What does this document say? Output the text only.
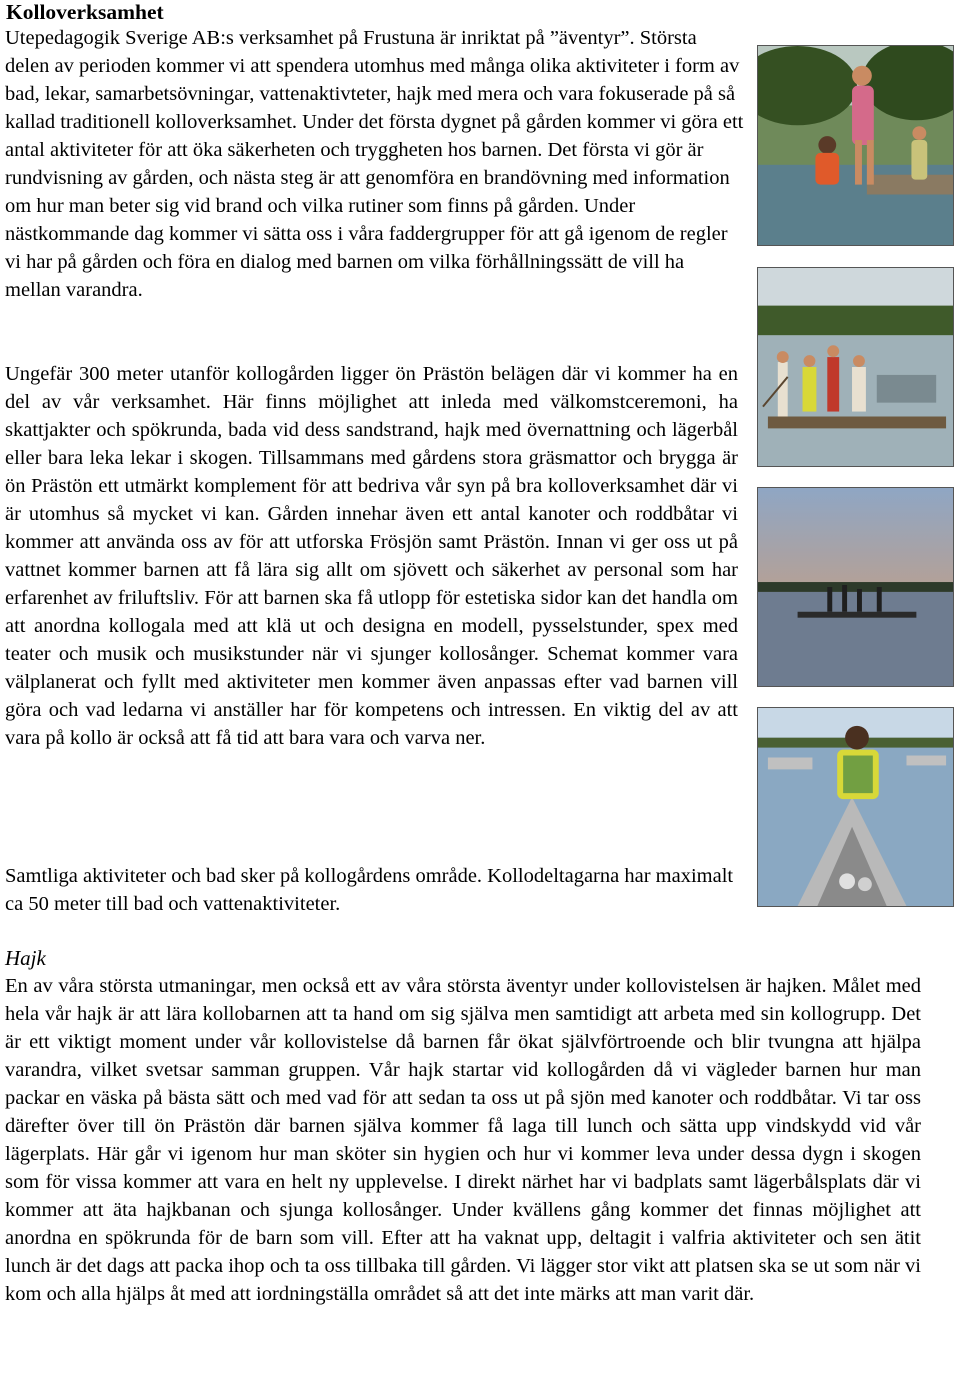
Kolloverksamhet

Utepedagogik Sverige AB:s verksamhet på Frustuna är inriktat på ”äventyr”. Största delen av perioden kommer vi att spendera utomhus med många olika aktiviteter i form av bad, lekar, samarbetsövningar, vattenaktivteter, hajk med mera och vara fokuserade på så kallad traditionell kolloverksamhet. Under det första dygnet på gården kommer vi göra ett antal aktiviteter för att öka säkerheten och tryggheten hos barnen. Det första vi gör är rundvisning av gården, och nästa steg är att genomföra en brandövning med information om hur man beter sig vid brand och vilka rutiner som finns på gården. Under nästkommande dag kommer vi sätta oss i våra faddergrupper för att gå igenom de regler vi har på gården och föra en dialog med barnen om vilka förhållningssätt de vill ha mellan varandra.

Ungefär 300 meter utanför kollogården ligger ön Prästön belägen där vi kommer ha en del av vår verksamhet. Här finns möjlighet att inleda med välkomstceremoni, ha skattjakter och spökrunda, bada vid dess sandstrand, hajk med övernattning och lägerbål eller bara leka lekar i skogen. Tillsammans med gårdens stora gräsmattor och brygga är ön Prästön ett utmärkt komplement för att bedriva vår syn på bra kolloverksamhet där vi är utomhus så mycket vi kan. Gården innehar även ett antal kanoter och roddbåtar vi kommer att använda oss av för att utforska Frösjön samt Prästön. Innan vi ger oss ut på vattnet kommer barnen att få lära sig allt om sjövett och säkerhet av personal som har erfarenhet av friluftsliv. För att barnen ska få utlopp för estetiska sidor kan det handla om att anordna kollogala med att klä ut och designa en modell, pysselstunder, spex med teater och musik och musikstunder när vi sjunger kollosånger. Schemat kommer vara välplanerat och fyllt med aktiviteter men kommer även anpassas efter vad barnen vill göra och vad ledarna vi anställer har för kompetens och intressen. En viktig del av att vara på kollo är också att få tid att bara vara och varva ner.

Samtliga aktiviteter och bad sker på kollogårdens område. Kollodeltagarna har maximalt ca 50 meter till bad och vattenaktiviteter.

Hajk

En av våra största utmaningar, men också ett av våra största äventyr under kollovistelsen är hajken. Målet med hela vår hajk är att lära kollobarnen att ta hand om sig själva men samtidigt att arbeta med sin kollogrupp. Det är ett viktigt moment under vår kollovistelse då barnen får ökat självförtroende och blir tvungna att hjälpa varandra, vilket svetsar samman gruppen. Vår hajk startar vid kollogården då vi vägleder barnen hur man packar en väska på bästa sätt och med vad för att sedan ta oss ut på sjön med kanoter och roddbåtar. Vi tar oss därefter över till ön Prästön där barnen själva kommer få laga till lunch och sätta upp vindskydd vid vår lägerplats. Här går vi igenom hur man sköter sin hygien och hur vi kommer leva under dessa dygn i skogen som för vissa kommer att vara en helt ny upplevelse. I direkt närhet har vi badplats samt lägerbålsplats där vi kommer att äta hajkbanan och sjunga kollosånger. Under kvällens gång kommer det finnas möjlighet att anordna en spökrunda för de barn som vill. Efter att ha vaknat upp, deltagit i valfria aktiviteter och sen ätit lunch är det dags att packa ihop och ta oss tillbaka till gården. Vi lägger stor vikt att platsen ska se ut som när vi kom och alla hjälps åt med att iordningställa området så att det inte märks att man varit där.
